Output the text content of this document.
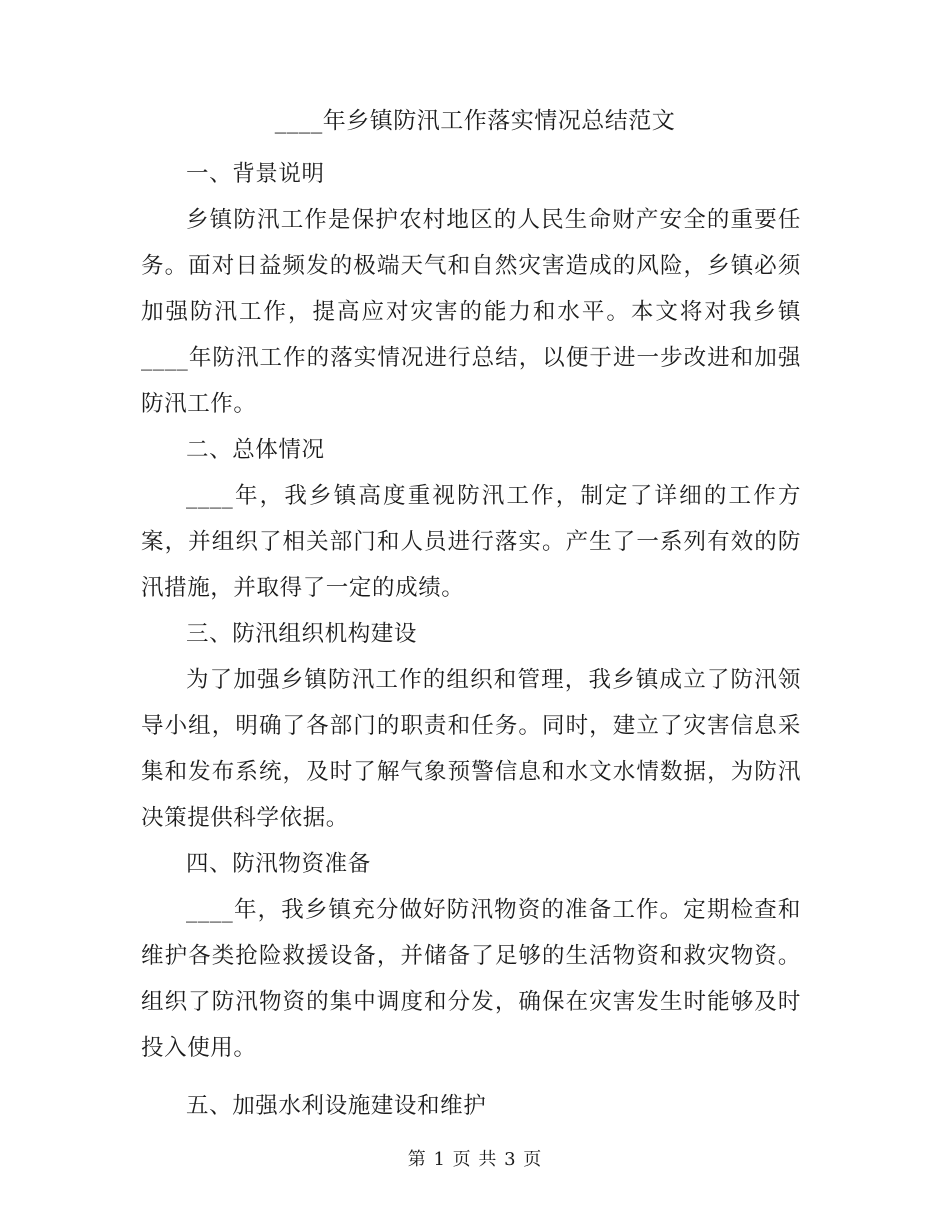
____年乡镇防汛工作落实情况总结范文

一、背景说明

乡镇防汛工作是保护农村地区的人民生命财产安全的重要任务。面对日益频发的极端天气和自然灾害造成的风险，乡镇必须加强防汛工作，提高应对灾害的能力和水平。本文将对我乡镇____年防汛工作的落实情况进行总结，以便于进一步改进和加强防汛工作。

二、总体情况

____年，我乡镇高度重视防汛工作，制定了详细的工作方案，并组织了相关部门和人员进行落实。产生了一系列有效的防汛措施，并取得了一定的成绩。

三、防汛组织机构建设

为了加强乡镇防汛工作的组织和管理，我乡镇成立了防汛领导小组，明确了各部门的职责和任务。同时，建立了灾害信息采集和发布系统，及时了解气象预警信息和水文水情数据，为防汛决策提供科学依据。

四、防汛物资准备

____年，我乡镇充分做好防汛物资的准备工作。定期检查和维护各类抢险救援设备，并储备了足够的生活物资和救灾物资。组织了防汛物资的集中调度和分发，确保在灾害发生时能够及时投入使用。

五、加强水利设施建设和维护

第 1 页 共 3 页
